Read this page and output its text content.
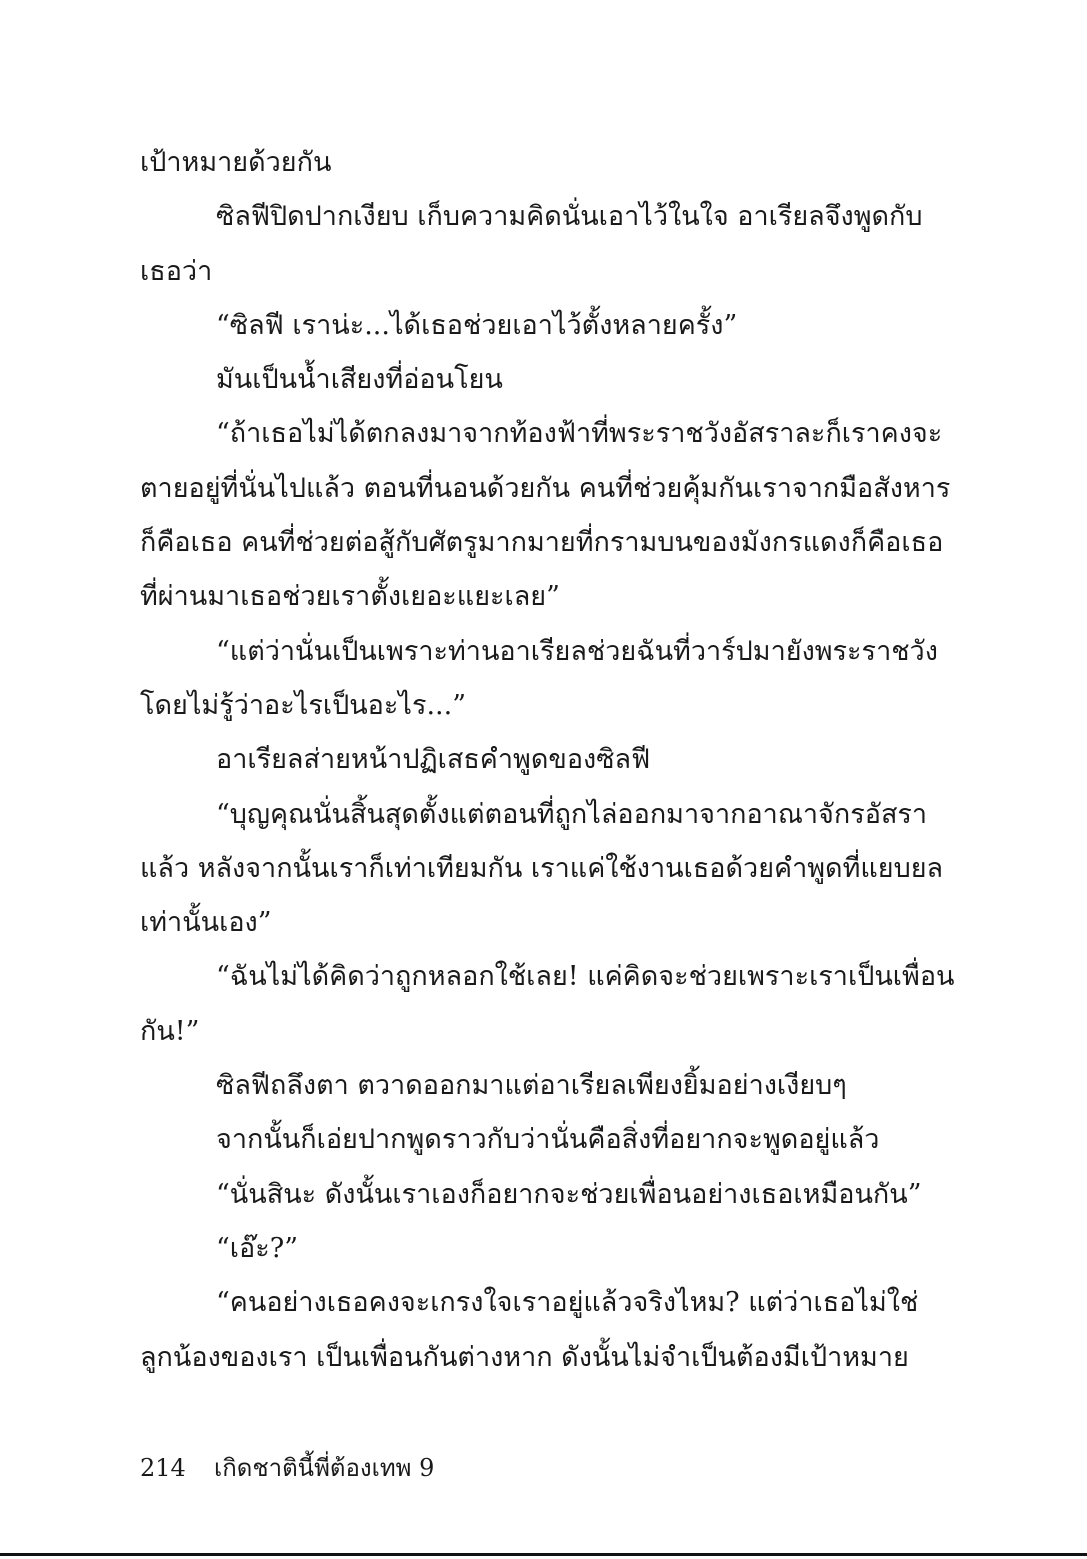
เป้าหมายด้วยกัน
ซิลฟีปิดปากเงียบ เก็บความคิดนั่นเอาไว้ในใจ อาเรียลจึงพูดกับ
เธอว่า
“ซิลฟี เราน่ะ...ได้เธอช่วยเอาไว้ตั้งหลายครั้ง”
มันเป็นน้ำเสียงที่อ่อนโยน
“ถ้าเธอไม่ได้ตกลงมาจากท้องฟ้าที่พระราชวังอัสราละก็เราคงจะ
ตายอยู่ที่นั่นไปแล้ว ตอนที่นอนด้วยกัน คนที่ช่วยคุ้มกันเราจากมือสังหาร
ก็คือเธอ คนที่ช่วยต่อสู้กับศัตรูมากมายที่กรามบนของมังกรแดงก็คือเธอ
ที่ผ่านมาเธอช่วยเราตั้งเยอะแยะเลย”
“แต่ว่านั่นเป็นเพราะท่านอาเรียลช่วยฉันที่วาร์ปมายังพระราชวัง
โดยไม่รู้ว่าอะไรเป็นอะไร...”
อาเรียลส่ายหน้าปฏิเสธคำพูดของซิลฟี
“บุญคุณนั่นสิ้นสุดตั้งแต่ตอนที่ถูกไล่ออกมาจากอาณาจักรอัสรา
แล้ว หลังจากนั้นเราก็เท่าเทียมกัน เราแค่ใช้งานเธอด้วยคำพูดที่แยบยล
เท่านั้นเอง”
“ฉันไม่ได้คิดว่าถูกหลอกใช้เลย! แค่คิดจะช่วยเพราะเราเป็นเพื่อน
กัน!”
ซิลฟีถลึงตา ตวาดออกมาแต่อาเรียลเพียงยิ้มอย่างเงียบๆ
จากนั้นก็เอ่ยปากพูดราวกับว่านั่นคือสิ่งที่อยากจะพูดอยู่แล้ว
“นั่นสินะ ดังนั้นเราเองก็อยากจะช่วยเพื่อนอย่างเธอเหมือนกัน”
“เอ๊ะ?”
“คนอย่างเธอคงจะเกรงใจเราอยู่แล้วจริงไหม? แต่ว่าเธอไม่ใช่
ลูกน้องของเรา เป็นเพื่อนกันต่างหาก ดังนั้นไม่จำเป็นต้องมีเป้าหมาย
214 เกิดชาตินี้พี่ต้องเทพ 9
